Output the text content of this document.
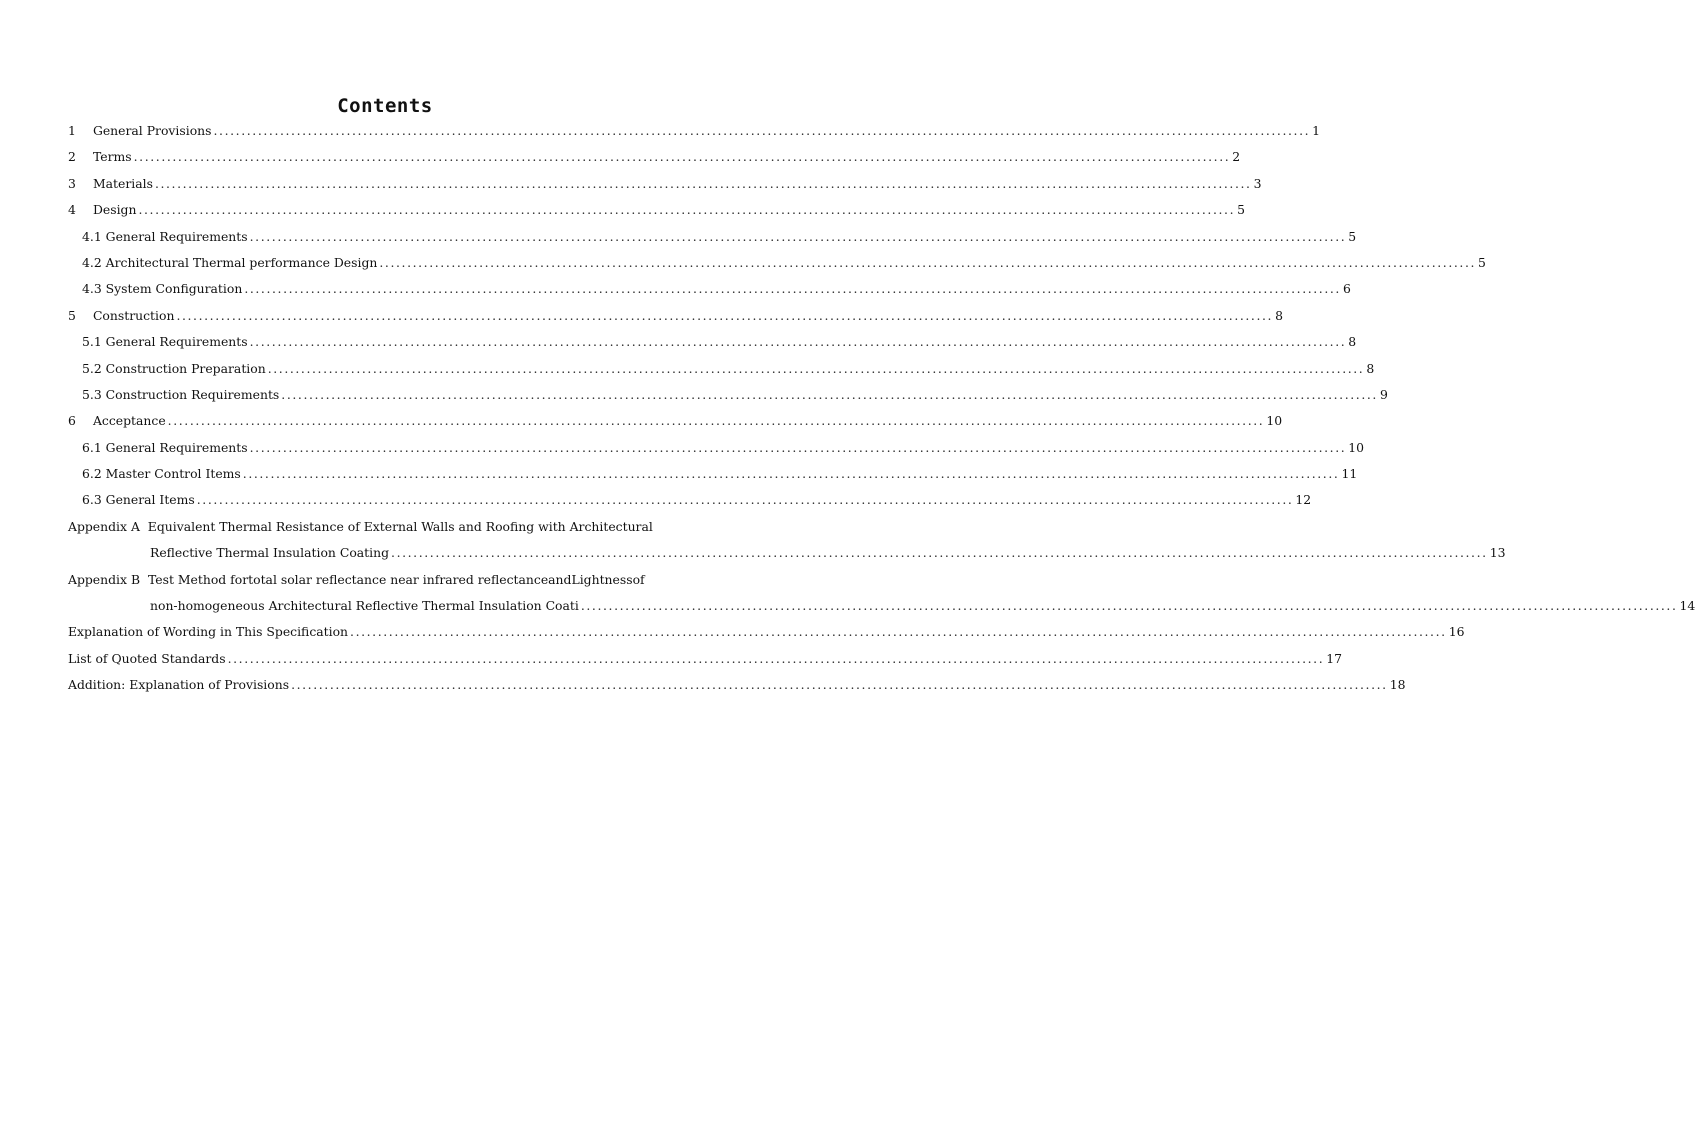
Contents
1 General Provisions ...................................................................................................................................................................................................... 1
2 Terms ...................................................................................................................................................................................................... 2
3 Materials ...................................................................................................................................................................................................... 3
4 Design ...................................................................................................................................................................................................... 5
4.1 General Requirements ...................................................................................................................................................................................................... 5
4.2 Architectural Thermal performance Design ...................................................................................................................................................................................................... 5
4.3 System Configuration ...................................................................................................................................................................................................... 6
5 Construction ...................................................................................................................................................................................................... 8
5.1 General Requirements ...................................................................................................................................................................................................... 8
5.2 Construction Preparation ...................................................................................................................................................................................................... 8
5.3 Construction Requirements ...................................................................................................................................................................................................... 9
6 Acceptance ...................................................................................................................................................................................................... 10
6.1 General Requirements ...................................................................................................................................................................................................... 10
6.2 Master Control Items ...................................................................................................................................................................................................... 11
6.3 General Items ...................................................................................................................................................................................................... 12
Appendix A Equivalent Thermal Resistance of External Walls and Roofing with Architectural
Reflective Thermal Insulation Coating ...................................................................................................................................................................................................... 13
Appendix B Test Method fortotal solar reflectance near infrared reflectanceandLightnessof
non-homogeneous Architectural Reflective Thermal Insulation Coati ...................................................................................................................................................................................................... 14
Explanation of Wording in This Specification ...................................................................................................................................................................................................... 16
List of Quoted Standards ...................................................................................................................................................................................................... 17
Addition: Explanation of Provisions ...................................................................................................................................................................................................... 18
